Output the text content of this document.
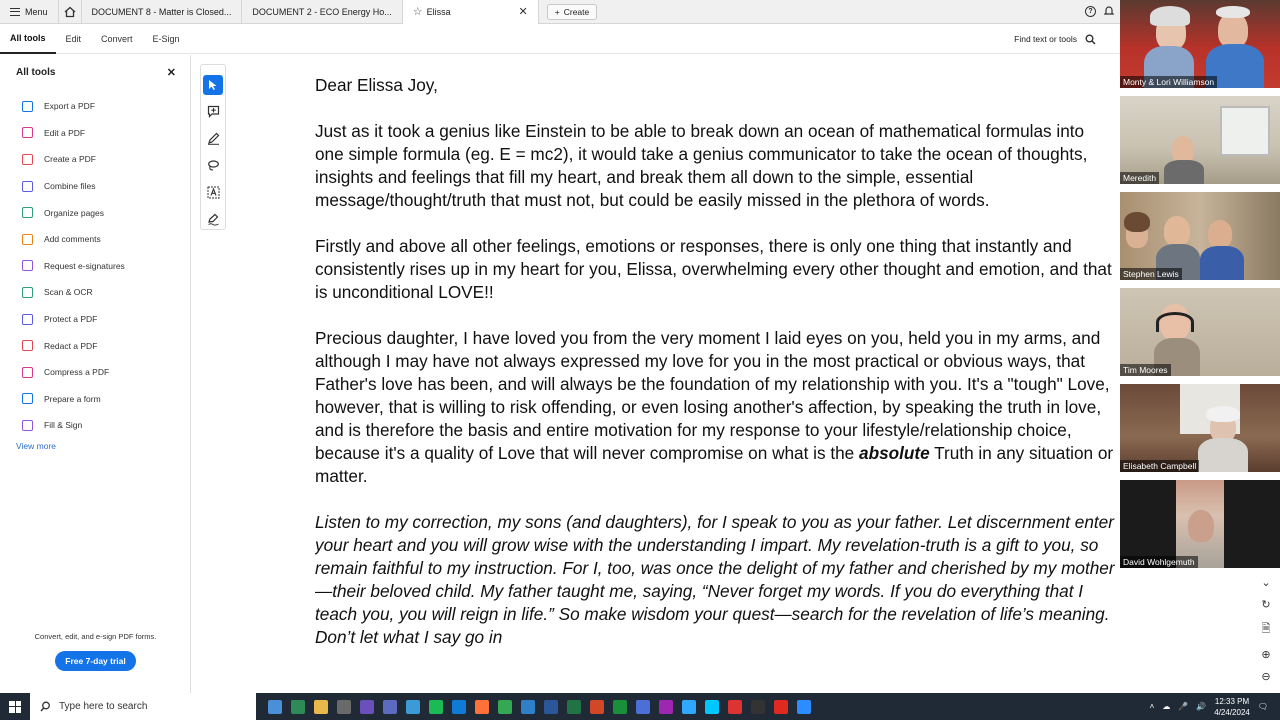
Menu	DOCUMENT 8 - Matter is Closed... DOCUMENT 2 - ECO Energy Ho... ☆ Elissa	✕	+ Create	?
All tools	Edit	Convert	E-Sign	Find text or tools
All tools	✕
Export a PDF
Edit a PDF
Create a PDF
Combine files
Organize pages
Add comments
Request e-signatures
Scan & OCR
Protect a PDF
Redact a PDF
Compress a PDF
Prepare a form
Fill & Sign
View more
Convert, edit, and e-sign PDF forms.
Free 7-day trial

Dear Elissa Joy,

Just as it took a genius like Einstein to be able to break down an ocean of mathematical formulas into one simple formula (eg. E = mc2), it would take a genius communicator to take the ocean of thoughts, insights and feelings that fill my heart, and break them all down to the simple, essential message/thought/truth that must not, but could be easily missed in the plethora of words.

Firstly and above all other feelings, emotions or responses, there is only one thing that instantly and consistently rises up in my heart for you, Elissa, overwhelming every other thought and emotion, and that is unconditional LOVE!!

Precious daughter, I have loved you from the very moment I laid eyes on you, held you in my arms, and although I may have not always expressed my love for you in the most practical or obvious ways, that Father's love has been, and will always be the foundation of my relationship with you. It's a "tough" Love, however, that is willing to risk offending, or even losing another's affection, by speaking the truth in love, and is therefore the basis and entire motivation for my response to your lifestyle/relationship choice, because it's a quality of Love that will never compromise on what is the absolute Truth in any situation or matter.

Listen to my correction, my sons (and daughters), for I speak to you as your father. Let discernment enter your heart and you will grow wise with the understanding I impart. My revelation-truth is a gift to you, so remain faithful to my instruction. For I, too, was once the delight of my father and cherished by my mother—their beloved child. My father taught me, saying, “Never forget my words. If you do everything that I teach you, you will reign in life.” So make wisdom your quest—search for the revelation of life’s meaning. Don’t let what I say go in

⌄
↻
🗎
⊕
⊖
Monty & Lori Williamson
Meredith
Stephen Lewis
Tim Moores
Elisabeth Campbell
David Wohlgemuth
Type here to search	˄ ☁ 🎤 🔊
12:33 PM
4/24/2024
🗨
